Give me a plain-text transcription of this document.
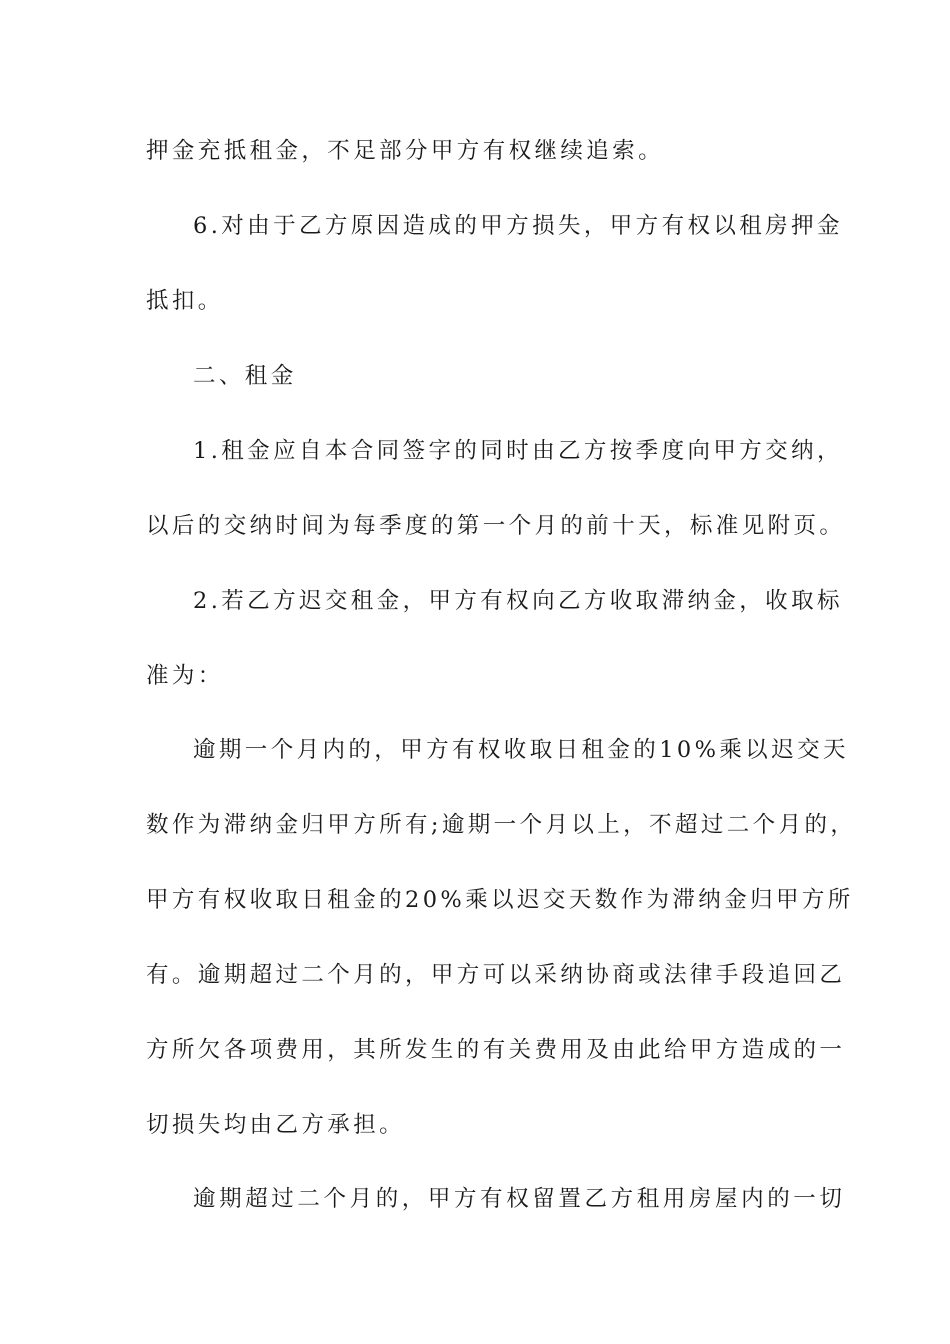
押金充抵租金，不足部分甲方有权继续追索。
6.对由于乙方原因造成的甲方损失，甲方有权以租房押金
抵扣。
二、租金
1.租金应自本合同签字的同时由乙方按季度向甲方交纳，
以后的交纳时间为每季度的第一个月的前十天，标准见附页。
2.若乙方迟交租金，甲方有权向乙方收取滞纳金，收取标
准为：
逾期一个月内的，甲方有权收取日租金的10%乘以迟交天
数作为滞纳金归甲方所有;逾期一个月以上，不超过二个月的，
甲方有权收取日租金的20%乘以迟交天数作为滞纳金归甲方所
有。逾期超过二个月的，甲方可以采纳协商或法律手段追回乙
方所欠各项费用，其所发生的有关费用及由此给甲方造成的一
切损失均由乙方承担。
逾期超过二个月的，甲方有权留置乙方租用房屋内的一切
